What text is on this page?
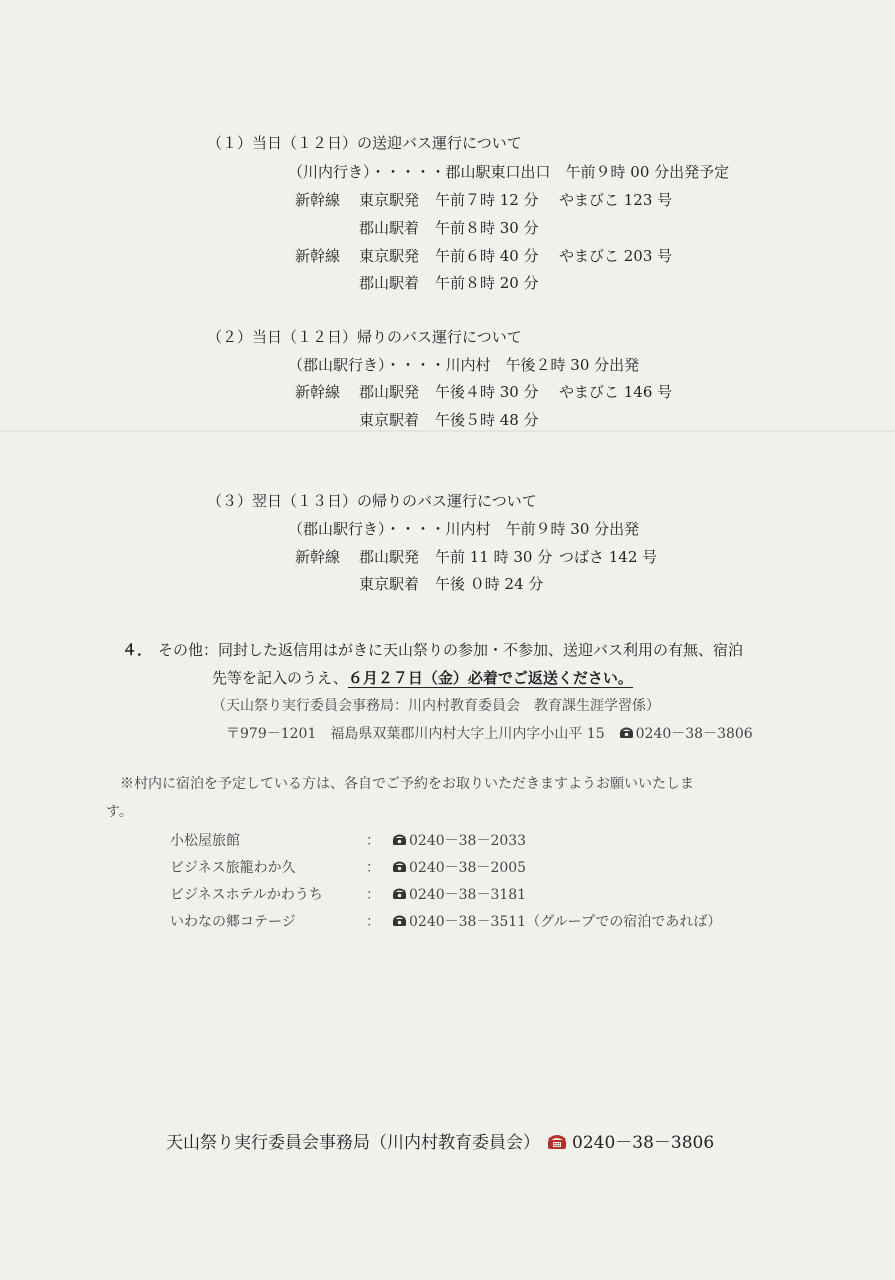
（１）当日（１２日）の送迎バス運行について
（川内行き）・・・・・郡山駅東口出口　午前９時 00 分出発予定
新幹線 東京駅発 午前７時 12 分 やまびこ 123 号
郡山駅着 午前８時 30 分
新幹線 東京駅発 午前６時 40 分 やまびこ 203 号
郡山駅着 午前８時 20 分
（２）当日（１２日）帰りのバス運行について
（郡山駅行き）・・・・川内村　午後２時 30 分出発
新幹線 郡山駅発 午後４時 30 分 やまびこ 146 号
東京駅着 午後５時 48 分
（３）翌日（１３日）の帰りのバス運行について
（郡山駅行き）・・・・川内村　午前９時 30 分出発
新幹線 郡山駅発 午前 11 時 30 分 つばさ 142 号
東京駅着 午後 ０時 24 分
４． その他：同封した返信用はがきに天山祭りの参加・不参加、送迎バス利用の有無、宿泊
先等を記入のうえ、６月２７日（金）必着でご返送ください。
（天山祭り実行委員会事務局：川内村教育委員会　教育課生涯学習係）
〒979－1201　福島県双葉郡川内村大字上川内字小山平 15 0240－38－3806
※村内に宿泊を予定している方は、各自でご予約をお取りいただきますようお願いいたしま
す。
小松屋旅館	： 0240－38－2033
ビジネス旅籠わか久	： 0240－38－2005
ビジネスホテルかわうち	： 0240－38－3181
いわなの郷コテージ	： 0240－38－3511（グループでの宿泊であれば）
天山祭り実行委員会事務局（川内村教育委員会） 0240－38－3806
